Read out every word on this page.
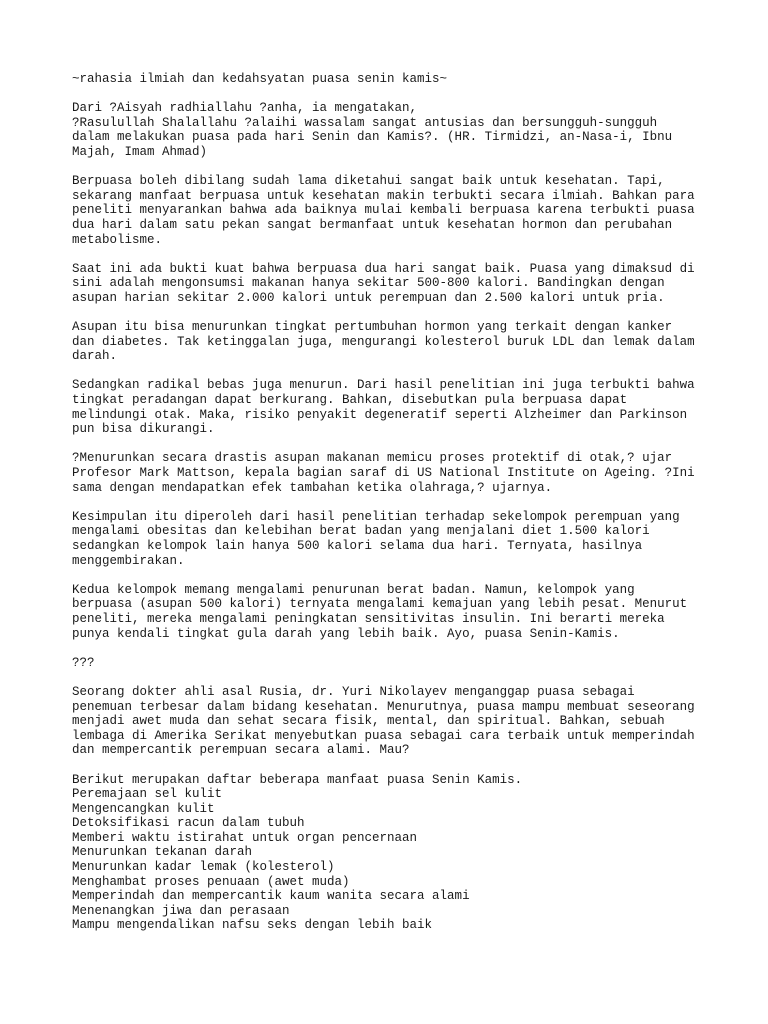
~rahasia ilmiah dan kedahsyatan puasa senin kamis~
Dari ?Aisyah radhiallahu ?anha, ia mengatakan,
?Rasulullah Shalallahu ?alaihi wassalam sangat antusias dan bersungguh-sungguh
dalam melakukan puasa pada hari Senin dan Kamis?. (HR. Tirmidzi, an-Nasa-i, Ibnu
Majah, Imam Ahmad)
Berpuasa boleh dibilang sudah lama diketahui sangat baik untuk kesehatan. Tapi,
sekarang manfaat berpuasa untuk kesehatan makin terbukti secara ilmiah. Bahkan para
peneliti menyarankan bahwa ada baiknya mulai kembali berpuasa karena terbukti puasa
dua hari dalam satu pekan sangat bermanfaat untuk kesehatan hormon dan perubahan
metabolisme.
Saat ini ada bukti kuat bahwa berpuasa dua hari sangat baik. Puasa yang dimaksud di
sini adalah mengonsumsi makanan hanya sekitar 500-800 kalori. Bandingkan dengan
asupan harian sekitar 2.000 kalori untuk perempuan dan 2.500 kalori untuk pria.
Asupan itu bisa menurunkan tingkat pertumbuhan hormon yang terkait dengan kanker
dan diabetes. Tak ketinggalan juga, mengurangi kolesterol buruk LDL dan lemak dalam
darah.
Sedangkan radikal bebas juga menurun. Dari hasil penelitian ini juga terbukti bahwa
tingkat peradangan dapat berkurang. Bahkan, disebutkan pula berpuasa dapat
melindungi otak. Maka, risiko penyakit degeneratif seperti Alzheimer dan Parkinson
pun bisa dikurangi.
?Menurunkan secara drastis asupan makanan memicu proses protektif di otak,? ujar
Profesor Mark Mattson, kepala bagian saraf di US National Institute on Ageing. ?Ini
sama dengan mendapatkan efek tambahan ketika olahraga,? ujarnya.
Kesimpulan itu diperoleh dari hasil penelitian terhadap sekelompok perempuan yang
mengalami obesitas dan kelebihan berat badan yang menjalani diet 1.500 kalori
sedangkan kelompok lain hanya 500 kalori selama dua hari. Ternyata, hasilnya
menggembirakan.
Kedua kelompok memang mengalami penurunan berat badan. Namun, kelompok yang
berpuasa (asupan 500 kalori) ternyata mengalami kemajuan yang lebih pesat. Menurut
peneliti, mereka mengalami peningkatan sensitivitas insulin. Ini berarti mereka
punya kendali tingkat gula darah yang lebih baik. Ayo, puasa Senin-Kamis.
???
Seorang dokter ahli asal Rusia, dr. Yuri Nikolayev menganggap puasa sebagai
penemuan terbesar dalam bidang kesehatan. Menurutnya, puasa mampu membuat seseorang
menjadi awet muda dan sehat secara fisik, mental, dan spiritual. Bahkan, sebuah
lembaga di Amerika Serikat menyebutkan puasa sebagai cara terbaik untuk memperindah
dan mempercantik perempuan secara alami. Mau?
Berikut merupakan daftar beberapa manfaat puasa Senin Kamis.
Peremajaan sel kulit
Mengencangkan kulit
Detoksifikasi racun dalam tubuh
Memberi waktu istirahat untuk organ pencernaan
Menurunkan tekanan darah
Menurunkan kadar lemak (kolesterol)
Menghambat proses penuaan (awet muda)
Memperindah dan mempercantik kaum wanita secara alami
Menenangkan jiwa dan perasaan
Mampu mengendalikan nafsu seks dengan lebih baik
